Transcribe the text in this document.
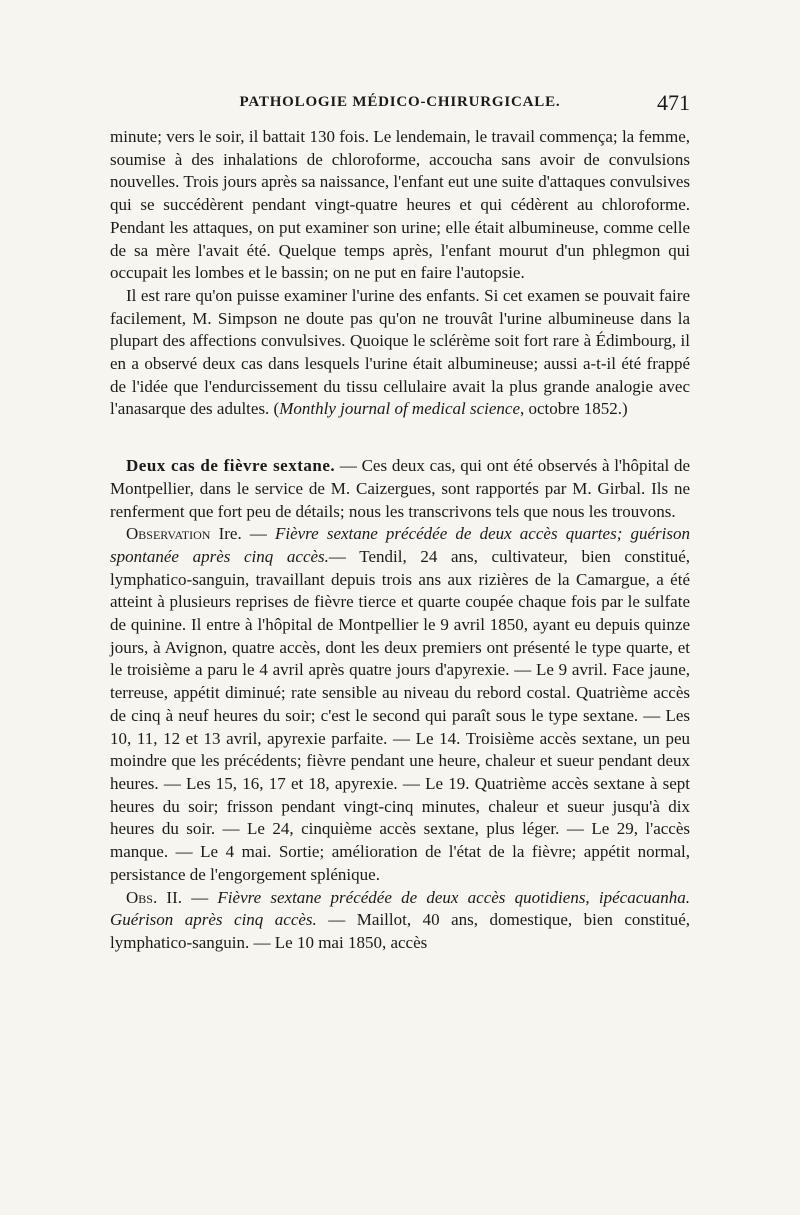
PATHOLOGIE MÉDICO-CHIRURGICALE.	471

minute; vers le soir, il battait 130 fois. Le lendemain, le travail commença; la femme, soumise à des inhalations de chloroforme, accoucha sans avoir de convulsions nouvelles. Trois jours après sa naissance, l'enfant eut une suite d'attaques convulsives qui se succédèrent pendant vingt-quatre heures et qui cédèrent au chloroforme. Pendant les attaques, on put examiner son urine; elle était albumineuse, comme celle de sa mère l'avait été. Quelque temps après, l'enfant mourut d'un phlegmon qui occupait les lombes et le bassin; on ne put en faire l'autopsie.

Il est rare qu'on puisse examiner l'urine des enfants. Si cet examen se pouvait faire facilement, M. Simpson ne doute pas qu'on ne trouvât l'urine albumineuse dans la plupart des affections convulsives. Quoique le sclérème soit fort rare à Édimbourg, il en a observé deux cas dans lesquels l'urine était albumineuse; aussi a-t-il été frappé de l'idée que l'endurcissement du tissu cellulaire avait la plus grande analogie avec l'anasarque des adultes. (Monthly journal of medical science, octobre 1852.)

Deux cas de fièvre sextane. — Ces deux cas, qui ont été observés à l'hôpital de Montpellier, dans le service de M. Caizergues, sont rapportés par M. Girbal. Ils ne renferment que fort peu de détails; nous les transcrivons tels que nous les trouvons.

Observation Ire. — Fièvre sextane précédée de deux accès quartes; guérison spontanée après cinq accès.— Tendil, 24 ans, cultivateur, bien constitué, lymphatico-sanguin, travaillant depuis trois ans aux rizières de la Camargue, a été atteint à plusieurs reprises de fièvre tierce et quarte coupée chaque fois par le sulfate de quinine. Il entre à l'hôpital de Montpellier le 9 avril 1850, ayant eu depuis quinze jours, à Avignon, quatre accès, dont les deux premiers ont présenté le type quarte, et le troisième a paru le 4 avril après quatre jours d'apyrexie. — Le 9 avril. Face jaune, terreuse, appétit diminué; rate sensible au niveau du rebord costal. Quatrième accès de cinq à neuf heures du soir; c'est le second qui paraît sous le type sextane. — Les 10, 11, 12 et 13 avril, apyrexie parfaite. — Le 14. Troisième accès sextane, un peu moindre que les précédents; fièvre pendant une heure, chaleur et sueur pendant deux heures. — Les 15, 16, 17 et 18, apyrexie. — Le 19. Quatrième accès sextane à sept heures du soir; frisson pendant vingt-cinq minutes, chaleur et sueur jusqu'à dix heures du soir. — Le 24, cinquième accès sextane, plus léger. — Le 29, l'accès manque. — Le 4 mai. Sortie; amélioration de l'état de la fièvre; appétit normal, persistance de l'engorgement splénique.

Obs. II. — Fièvre sextane précédée de deux accès quotidiens, ipécacuanha. Guérison après cinq accès. — Maillot, 40 ans, domestique, bien constitué, lymphatico-sanguin. — Le 10 mai 1850, accès
